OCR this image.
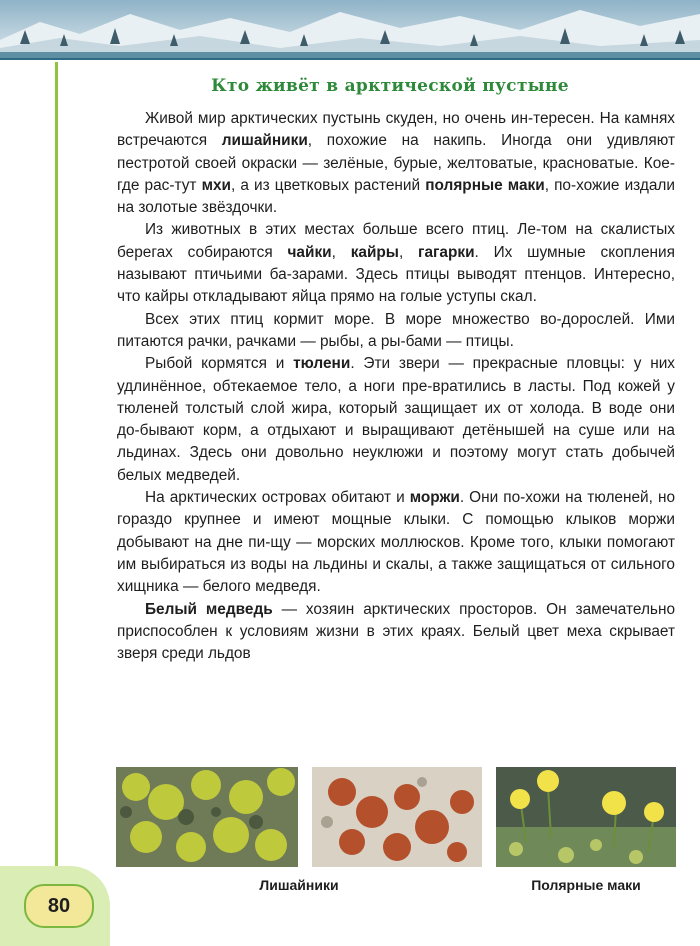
80
Кто живёт в арктической пустыне

Живой мир арктических пустынь скуден, но очень ин-тересен. На камнях встречаются лишайники, похожие на накипь. Иногда они удивляют пестротой своей окраски — зелёные, бурые, желтоватые, красноватые. Кое-где рас-тут мхи, а из цветковых растений полярные маки, по-хожие издали на золотые звёздочки.

Из животных в этих местах больше всего птиц. Ле-том на скалистых берегах собираются чайки, кайры, гагарки. Их шумные скопления называют птичьими ба-зарами. Здесь птицы выводят птенцов. Интересно, что кайры откладывают яйца прямо на голые уступы скал.

Всех этих птиц кормит море. В море множество во-дорослей. Ими питаются рачки, рачками — рыбы, а ры-бами — птицы.

Рыбой кормятся и тюлени. Эти звери — прекрасные пловцы: у них удлинённое, обтекаемое тело, а ноги пре-вратились в ласты. Под кожей у тюленей толстый слой жира, который защищает их от холода. В воде они до-бывают корм, а отдыхают и выращивают детёнышей на суше или на льдинах. Здесь они довольно неуклюжи и поэтому могут стать добычей белых медведей.

На арктических островах обитают и моржи. Они по-хожи на тюленей, но гораздо крупнее и имеют мощные клыки. С помощью клыков моржи добывают на дне пи-щу — морских моллюсков. Кроме того, клыки помогают им выбираться из воды на льдины и скалы, а также защищаться от сильного хищника — белого медведя.

Белый медведь — хозяин арктических просторов. Он замечательно приспособлен к условиям жизни в этих краях. Белый цвет меха скрывает зверя среди льдов

Лишайники	Полярные маки
